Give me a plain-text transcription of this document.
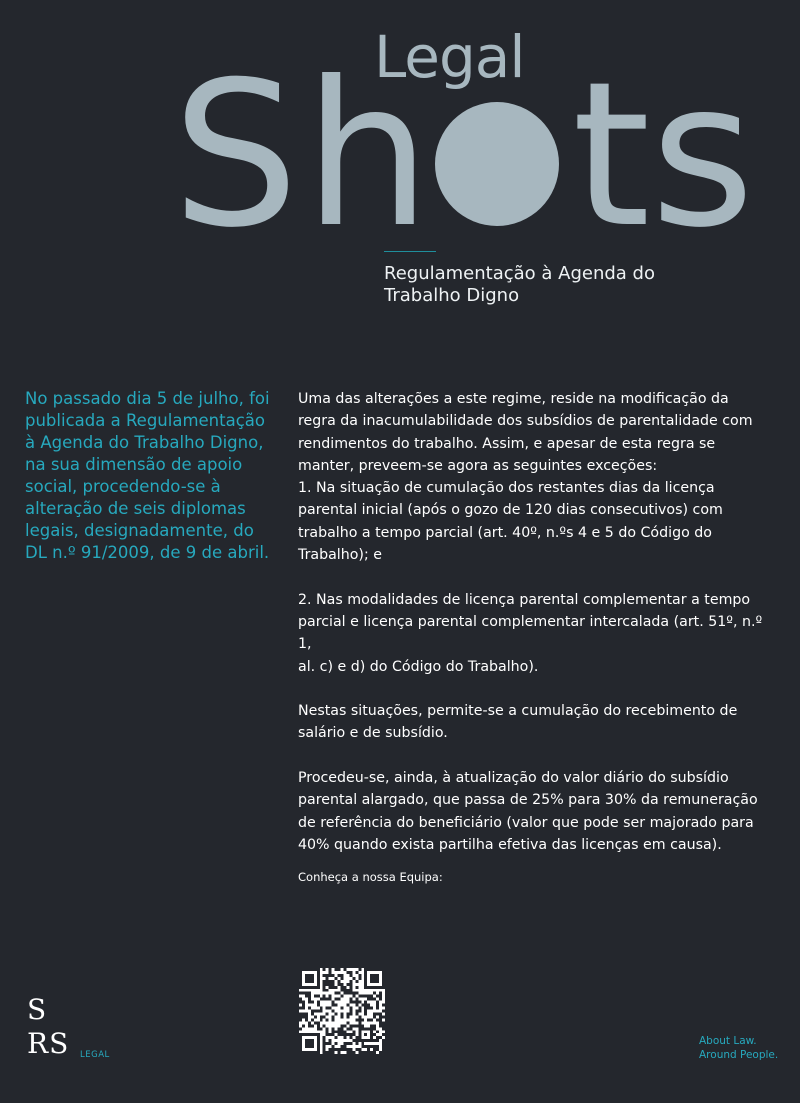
Legal
S h ts
Regulamentação à Agenda do
Trabalho Digno
No passado dia 5 de julho, foi
publicada a Regulamentação
à Agenda do Trabalho Digno,
na sua dimensão de apoio
social, procedendo-se à
alteração de seis diplomas
legais, designadamente, do
DL n.º 91/2009, de 9 de abril.

Uma das alterações a este regime, reside na modificação da
regra da inacumulabilidade dos subsídios de parentalidade com
rendimentos do trabalho. Assim, e apesar de esta regra se
manter, preveem-se agora as seguintes exceções:
1. Na situação de cumulação dos restantes dias da licença
parental inicial (após o gozo de 120 dias consecutivos) com
trabalho a tempo parcial (art. 40º, n.ºs 4 e 5 do Código do
Trabalho); e

2. Nas modalidades de licença parental complementar a tempo
parcial e licença parental complementar intercalada (art. 51º, n.º 1,
al. c) e d) do Código do Trabalho).

Nestas situações, permite-se a cumulação do recebimento de
salário e de subsídio.

Procedeu-se, ainda, à atualização do valor diário do subsídio
parental alargado, que passa de 25% para 30% da remuneração
de referência do beneficiário (valor que pode ser majorado para
40% quando exista partilha efetiva das licenças em causa).

Conheça a nossa Equipa:
S
RS LEGAL
About Law.
Around People.
